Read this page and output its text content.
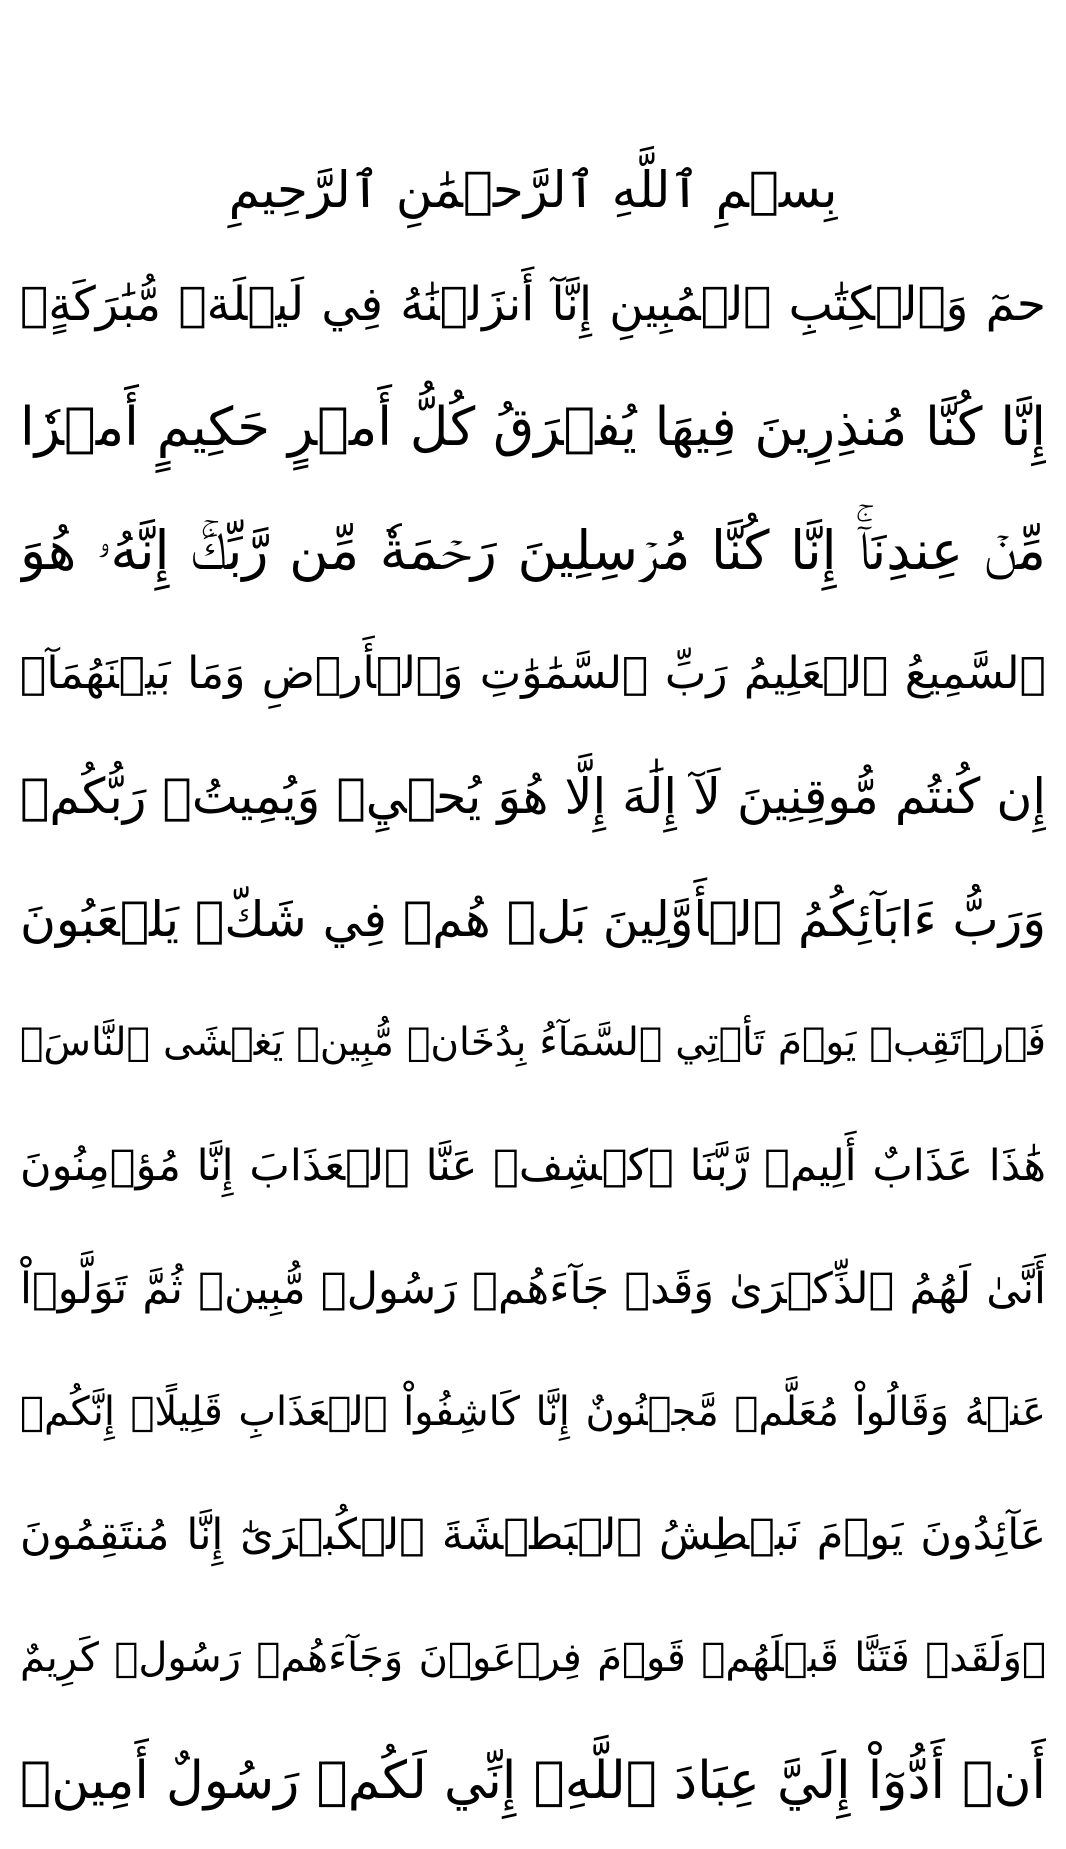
بِسۡمِ ٱللَّهِ ٱلرَّحۡمَٰنِ ٱلرَّحِيمِ
حمٓ وَٱلۡكِتَٰبِ ٱلۡمُبِينِ إِنَّآ أَنزَلۡنَٰهُ فِي لَيۡلَةٖ مُّبَٰرَكَةٍۚ
إِنَّا كُنَّا مُنذِرِينَ فِيهَا يُفۡرَقُ كُلُّ أَمۡرٍ حَكِيمٍ أَمۡرٗا
مِّنۡ عِندِنَآۚ إِنَّا كُنَّا مُرۡسِلِينَ رَحۡمَةٗ مِّن رَّبِّكَۚ إِنَّهُۥ هُوَ
ٱلسَّمِيعُ ٱلۡعَلِيمُ رَبِّ ٱلسَّمَٰوَٰتِ وَٱلۡأَرۡضِ وَمَا بَيۡنَهُمَآۖ
إِن كُنتُم مُّوقِنِينَ لَآ إِلَٰهَ إِلَّا هُوَ يُحۡيِۦ وَيُمِيتُۖ رَبُّكُمۡ
وَرَبُّ ءَابَآئِكُمُ ٱلۡأَوَّلِينَ بَلۡ هُمۡ فِي شَكّٖ يَلۡعَبُونَ
فَٱرۡتَقِبۡ يَوۡمَ تَأۡتِي ٱلسَّمَآءُ بِدُخَانٖ مُّبِينٖ يَغۡشَى ٱلنَّاسَۖ
هَٰذَا عَذَابٌ أَلِيمٞ رَّبَّنَا ٱكۡشِفۡ عَنَّا ٱلۡعَذَابَ إِنَّا مُؤۡمِنُونَ
أَنَّىٰ لَهُمُ ٱلذِّكۡرَىٰ وَقَدۡ جَآءَهُمۡ رَسُولٞ مُّبِينٞ ثُمَّ تَوَلَّوۡاْ
عَنۡهُ وَقَالُواْ مُعَلَّمٞ مَّجۡنُونٌ إِنَّا كَاشِفُواْ ٱلۡعَذَابِ قَلِيلًاۚ إِنَّكُمۡ
عَآئِدُونَ يَوۡمَ نَبۡطِشُ ٱلۡبَطۡشَةَ ٱلۡكُبۡرَىٰٓ إِنَّا مُنتَقِمُونَ
۞وَلَقَدۡ فَتَنَّا قَبۡلَهُمۡ قَوۡمَ فِرۡعَوۡنَ وَجَآءَهُمۡ رَسُولٞ كَرِيمٌ
أَنۡ أَدُّوٓاْ إِلَيَّ عِبَادَ ٱللَّهِۖ إِنِّي لَكُمۡ رَسُولٌ أَمِينٞ
